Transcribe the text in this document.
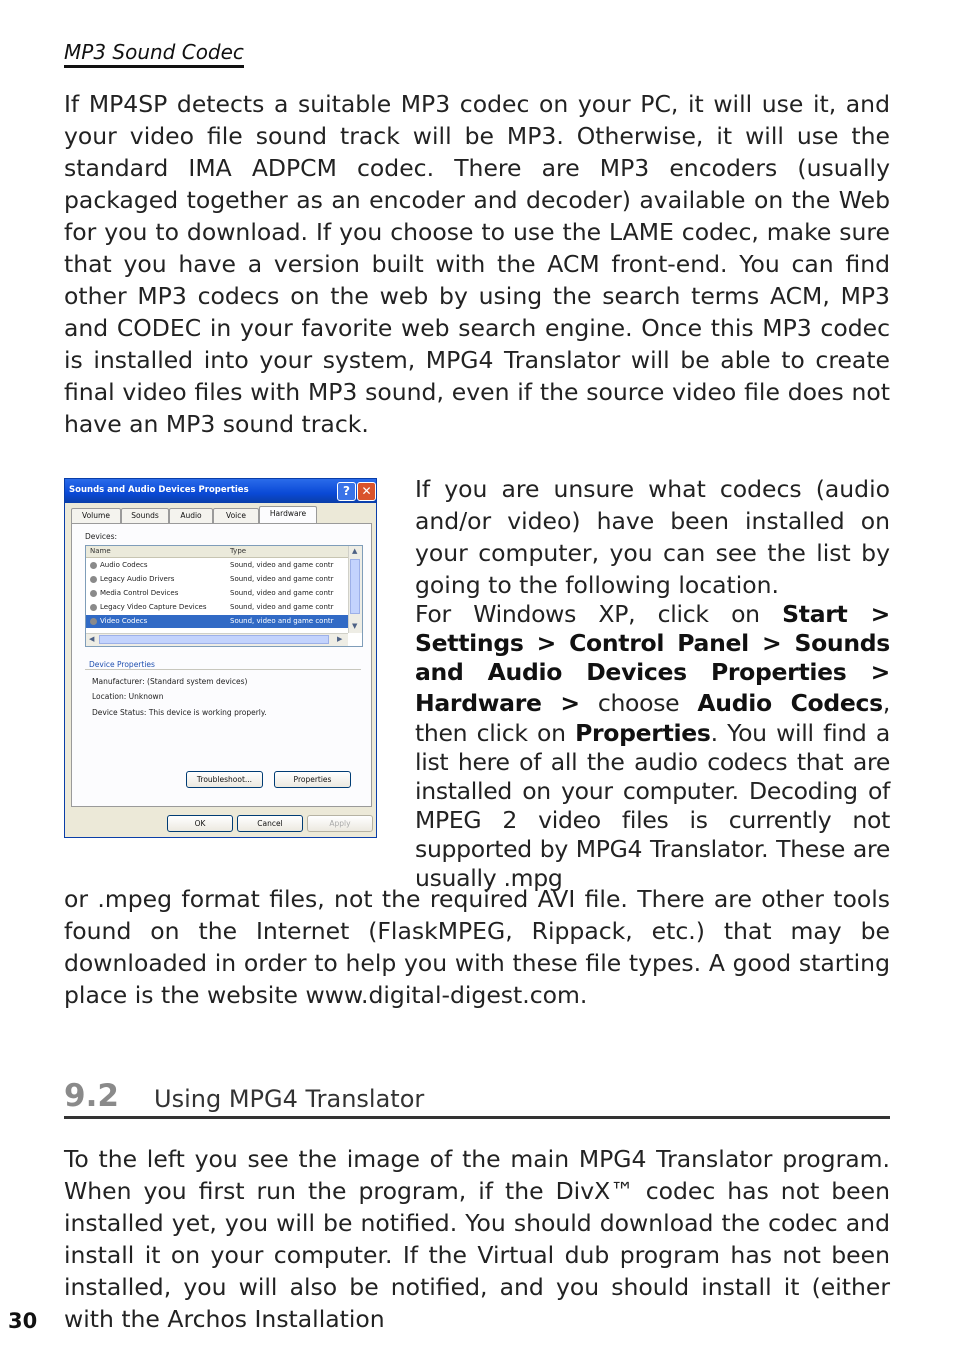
MP3 Sound Codec

If MP4SP detects a suitable MP3 codec on your PC, it will use it, and your video file sound track will be MP3. Otherwise, it will use the standard IMA ADPCM codec. There are MP3 encoders (usually packaged together as an encoder and decoder) available on the Web for you to download. If you choose to use the LAME codec, make sure that you have a version built with the ACM front-end. You can find other MP3 codecs on the web by using the search terms ACM, MP3 and CODEC in your favorite web search engine. Once this MP3 codec is installed into your system, MPG4 Translator will be able to create final video files with MP3 sound, even if the source video file does not have an MP3 sound track.

Sounds and Audio Devices Properties	? ✕
Volume	Sounds	Audio	Voice	Hardware
Devices:
Name	Type
Audio Codecs	Sound, video and game contr
Legacy Audio Drivers	Sound, video and game contr
Media Control Devices	Sound, video and game contr
Legacy Video Capture Devices	Sound, video and game contr
Video Codecs	Sound, video and game contr
▲
▼
◀	▶
Device Properties
Manufacturer: (Standard system devices)
Location: Unknown
Device Status: This device is working properly.
Troubleshoot...	Properties
OK	Cancel	Apply

If you are unsure what codecs (audio and/or video) have been installed on your computer, you can see the list by going to the following location.

For Windows XP, click on Start > Settings > Control Panel > Sounds and Audio Devices Properties > Hardware > choose Audio Codecs, then click on Properties. You will find a list here of all the audio codecs that are installed on your computer. Decoding of MPEG 2 video files is currently not supported by MPG4 Translator. These are usually .mpg

or .mpeg format files, not the required AVI file. There are other tools found on the Internet (FlaskMPEG, Rippack, etc.) that may be downloaded in order to help you with these file types. A good starting place is the website www.digital-digest.com.

9.2 Using MPG4 Translator

To the left you see the image of the main MPG4 Translator program. When you first run the program, if the DivX™ codec has not been installed yet, you will be notified. You should download the codec and install it on your computer. If the Virtual dub program has not been installed, you will also be notified, and you should install it (either with the Archos Installation

30
